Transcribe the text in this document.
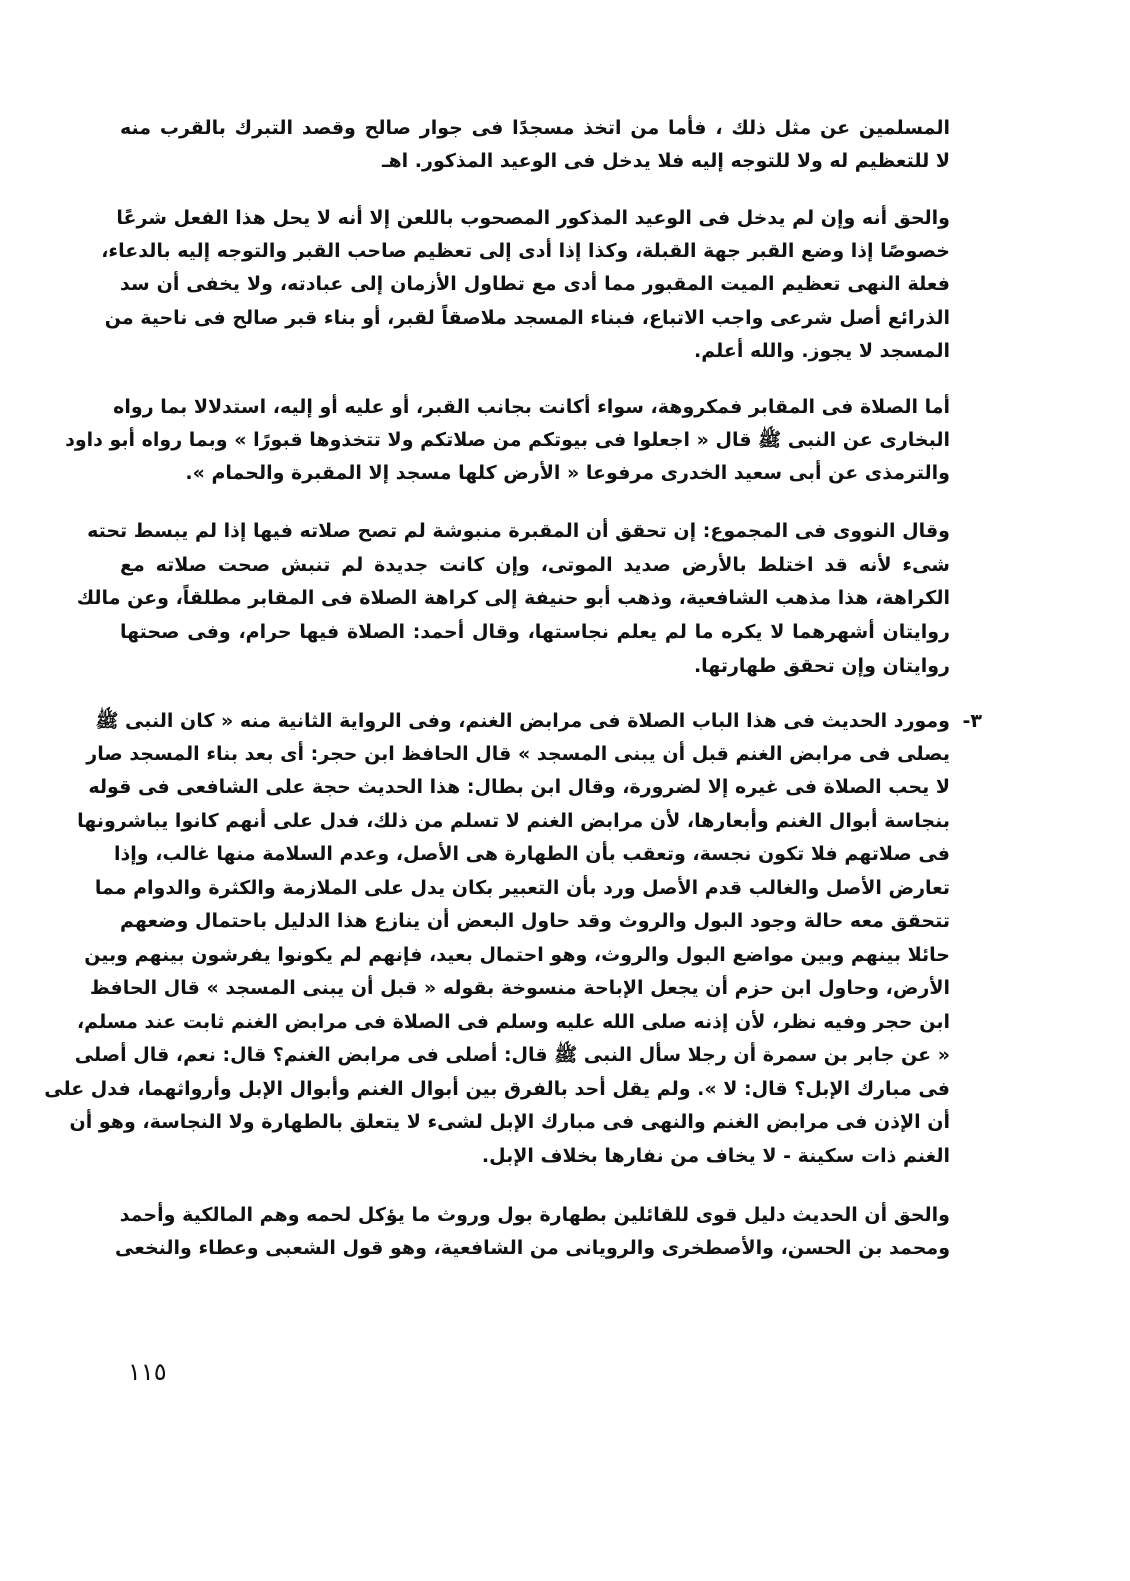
المسلمين عن مثل ذلك ، فأما من اتخذ مسجدًا فى جوار صالح وقصد التبرك بالقرب منه
لا للتعظيم له ولا للتوجه إليه فلا يدخل فى الوعيد المذكور. اهـ
والحق أنه وإن لم يدخل فى الوعيد المذكور المصحوب باللعن إلا أنه لا يحل هذا الفعل شرعًا
خصوصًا إذا وضع القبر جهة القبلة، وكذا إذا أدى إلى تعظيم صاحب القبر والتوجه إليه بالدعاء،
فعلة النهى تعظيم الميت المقبور مما أدى مع تطاول الأزمان إلى عبادته، ولا يخفى أن سد
الذرائع أصل شرعى واجب الاتباع، فبناء المسجد ملاصقاً لقبر، أو بناء قبر صالح فى ناحية من
المسجد لا يجوز. والله أعلم.
أما الصلاة فى المقابر فمكروهة، سواء أكانت بجانب القبر، أو عليه أو إليه، استدلالا بما رواه
البخارى عن النبى ﷺ قال « اجعلوا فى بيوتكم من صلاتكم ولا تتخذوها قبورًا » وبما رواه أبو داود
والترمذى عن أبى سعيد الخدرى مرفوعا « الأرض كلها مسجد إلا المقبرة والحمام ».
وقال النووى فى المجموع: إن تحقق أن المقبرة منبوشة لم تصح صلاته فيها إذا لم يبسط تحته
شىء لأنه قد اختلط بالأرض صديد الموتى، وإن كانت جديدة لم تنبش صحت صلاته مع
الكراهة، هذا مذهب الشافعية، وذهب أبو حنيفة إلى كراهة الصلاة فى المقابر مطلقاً، وعن مالك
روايتان أشهرهما لا يكره ما لم يعلم نجاستها، وقال أحمد: الصلاة فيها حرام، وفى صحتها
روايتان وإن تحقق طهارتها.
٣-
ومورد الحديث فى هذا الباب الصلاة فى مرابض الغنم، وفى الرواية الثانية منه « كان النبى ﷺ
يصلى فى مرابض الغنم قبل أن يبنى المسجد » قال الحافظ ابن حجر: أى بعد بناء المسجد صار
لا يحب الصلاة فى غيره إلا لضرورة، وقال ابن بطال: هذا الحديث حجة على الشافعى فى قوله
بنجاسة أبوال الغنم وأبعارها، لأن مرابض الغنم لا تسلم من ذلك، فدل على أنهم كانوا يباشرونها
فى صلاتهم فلا تكون نجسة، وتعقب بأن الطهارة هى الأصل، وعدم السلامة منها غالب، وإذا
تعارض الأصل والغالب قدم الأصل ورد بأن التعبير بكان يدل على الملازمة والكثرة والدوام مما
تتحقق معه حالة وجود البول والروث وقد حاول البعض أن ينازع هذا الدليل باحتمال وضعهم
حائلا بينهم وبين مواضع البول والروث، وهو احتمال بعيد، فإنهم لم يكونوا يفرشون بينهم وبين
الأرض، وحاول ابن حزم أن يجعل الإباحة منسوخة بقوله « قبل أن يبنى المسجد » قال الحافظ
ابن حجر وفيه نظر، لأن إذنه صلى الله عليه وسلم فى الصلاة فى مرابض الغنم ثابت عند مسلم،
« عن جابر بن سمرة أن رجلا سأل النبى ﷺ قال: أصلى فى مرابض الغنم؟ قال: نعم، قال أصلى
فى مبارك الإبل؟ قال: لا ». ولم يقل أحد بالفرق بين أبوال الغنم وأبوال الإبل وأرواثهما، فدل على
أن الإذن فى مرابض الغنم والنهى فى مبارك الإبل لشىء لا يتعلق بالطهارة ولا النجاسة، وهو أن
الغنم ذات سكينة - لا يخاف من نفارها بخلاف الإبل.
والحق أن الحديث دليل قوى للقائلين بطهارة بول وروث ما يؤكل لحمه وهم المالكية وأحمد
ومحمد بن الحسن، والأصطخرى والرويانى من الشافعية، وهو قول الشعبى وعطاء والنخعى
١١٥
